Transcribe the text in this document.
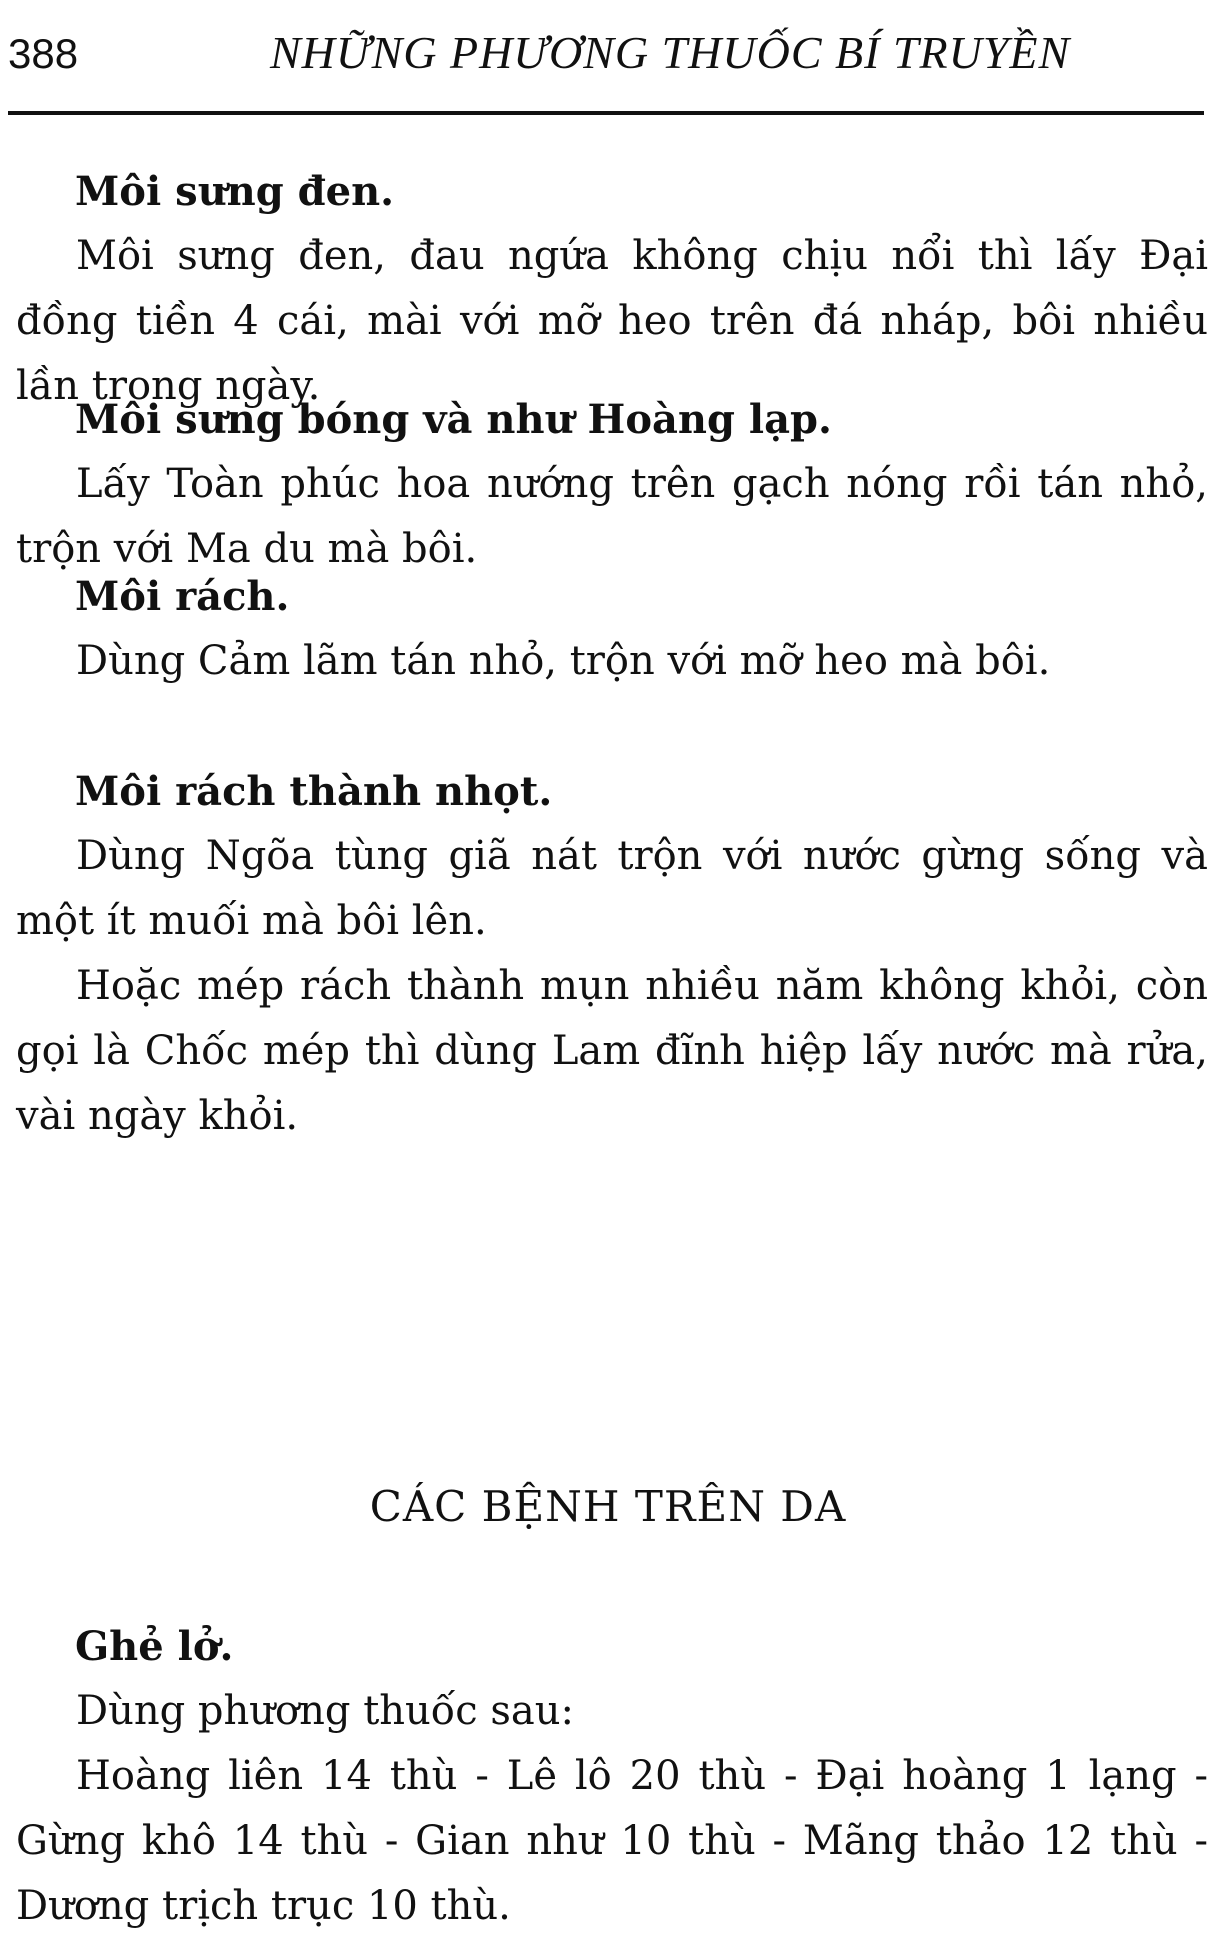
388	NHỮNG PHƯƠNG THUỐC BÍ TRUYỀN
Môi sưng đen.

Môi sưng đen, đau ngứa không chịu nổi thì lấy Đại đồng tiền 4 cái, mài với mỡ heo trên đá nháp, bôi nhiều lần trong ngày.

Môi sưng bóng và như Hoàng lạp.

Lấy Toàn phúc hoa nướng trên gạch nóng rồi tán nhỏ, trộn với Ma du mà bôi.

Môi rách.

Dùng Cảm lãm tán nhỏ, trộn với mỡ heo mà bôi.

Môi rách thành nhọt.

Dùng Ngõa tùng giã nát trộn với nước gừng sống và một ít muối mà bôi lên.

Hoặc mép rách thành mụn nhiều năm không khỏi, còn gọi là Chốc mép thì dùng Lam đĩnh hiệp lấy nước mà rửa, vài ngày khỏi.

CÁC BỆNH TRÊN DA
Ghẻ lở.

Dùng phương thuốc sau:

Hoàng liên 14 thù - Lê lô 20 thù - Đại hoàng 1 lạng - Gừng khô 14 thù - Gian như 10 thù - Mãng thảo 12 thù - Dương trịch trục 10 thù.
